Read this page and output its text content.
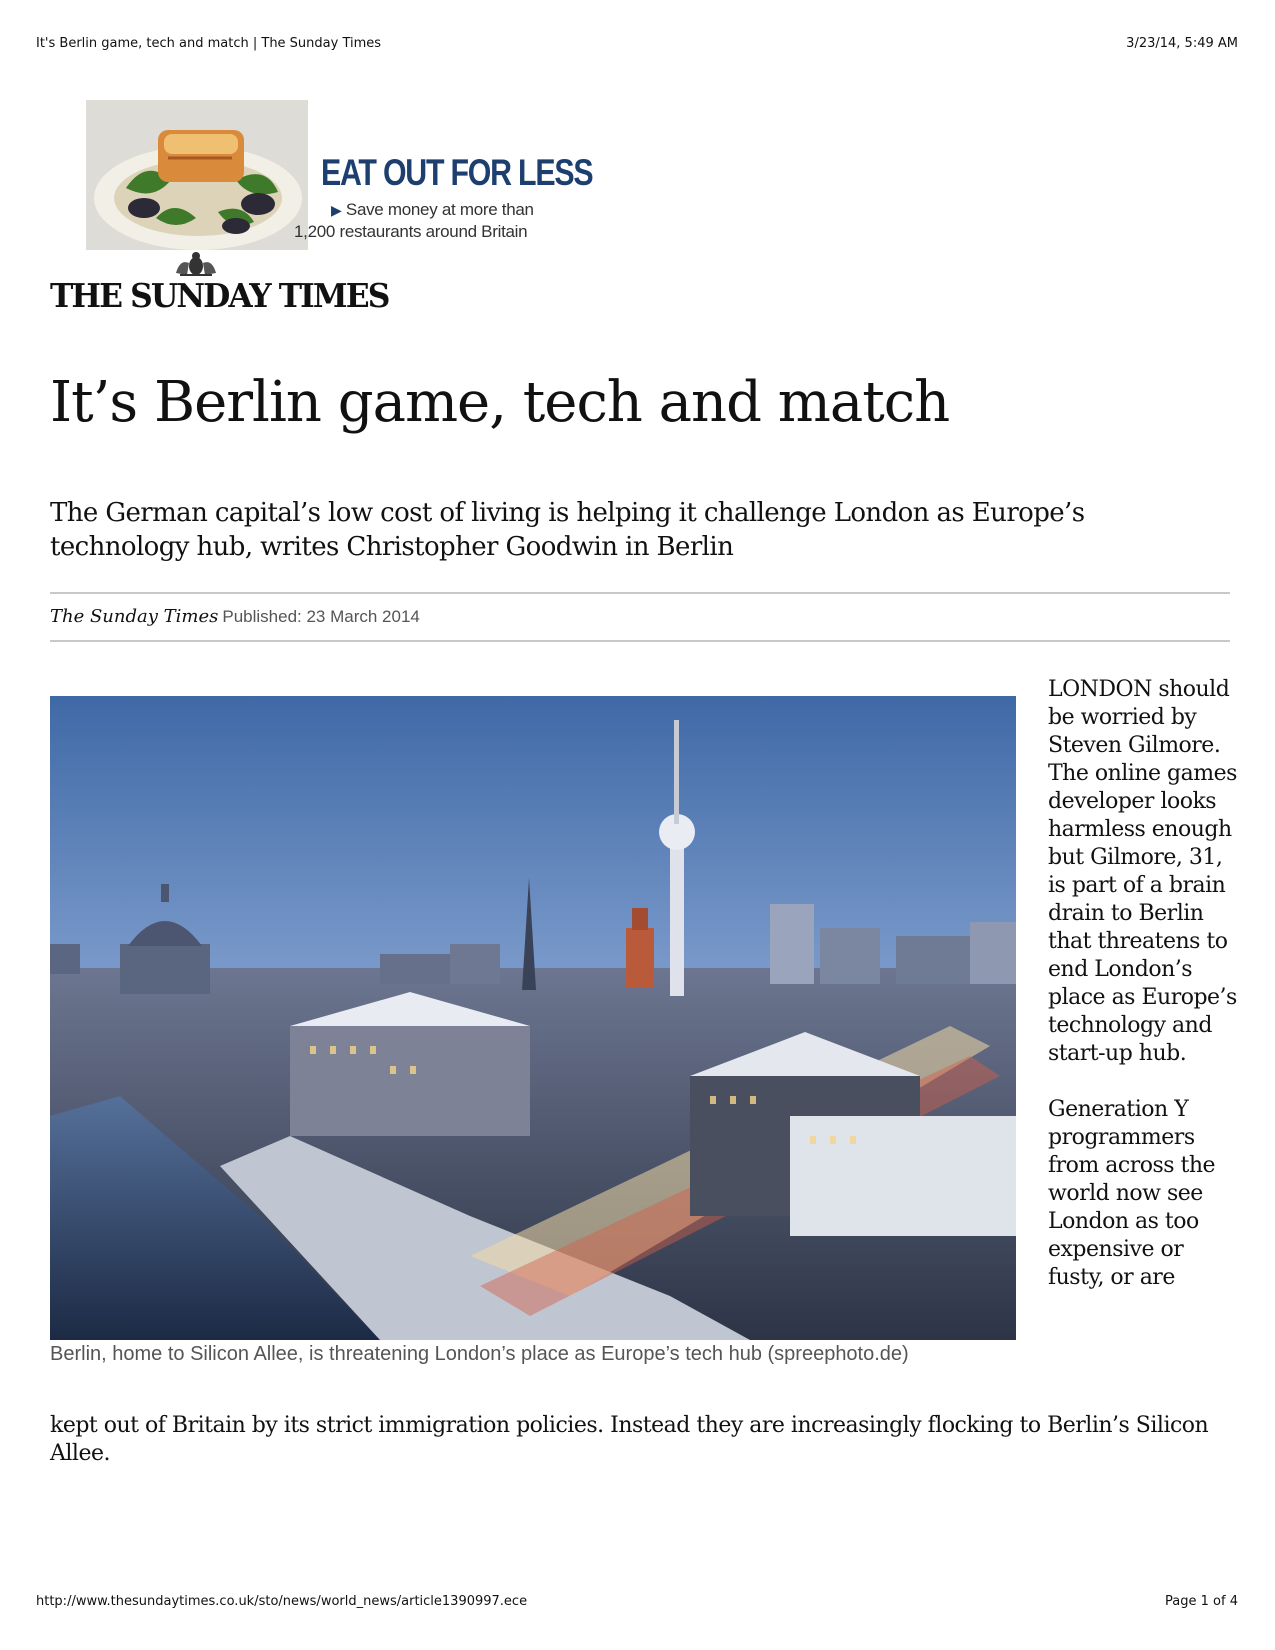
It's Berlin game, tech and match | The Sunday Times	3/23/14, 5:49 AM
EAT OUT FOR LESS
▶ Save money at more than
1,200 restaurants around Britain
THE SUNDAY TIMES
It’s Berlin game, tech and match

The German capital’s low cost of living is helping it challenge London as Europe’s technology hub, writes Christopher Goodwin in Berlin

The Sunday Times Published: 23 March 2014
Berlin, home to Silicon Allee, is threatening London’s place as Europe’s tech hub (spreephoto.de)

LONDON should be worried by Steven Gilmore. The online games developer looks harmless enough but Gilmore, 31, is part of a brain drain to Berlin that threatens to end London’s place as Europe’s technology and start-up hub.

Generation Y programmers from across the world now see London as too expensive or fusty, or are

kept out of Britain by its strict immigration policies. Instead they are increasingly flocking to Berlin’s Silicon Allee.

http://www.thesundaytimes.co.uk/sto/news/world_news/article1390997.ece	Page 1 of 4
